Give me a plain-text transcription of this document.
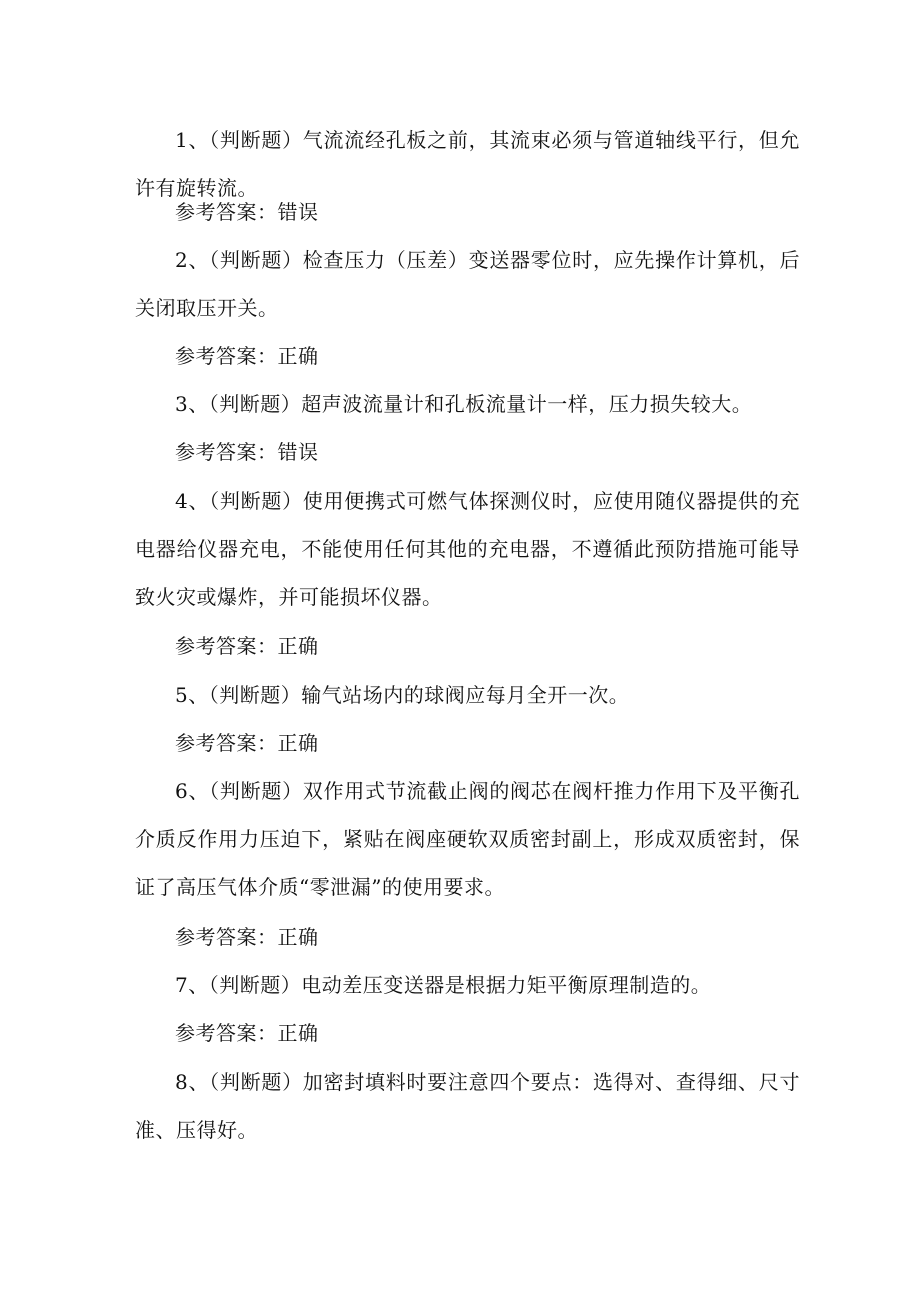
1、（判断题）气流流经孔板之前，其流束必须与管道轴线平行，但允许有旋转流。

参考答案：错误

2、（判断题）检查压力（压差）变送器零位时，应先操作计算机，后关闭取压开关。

参考答案：正确

3、（判断题）超声波流量计和孔板流量计一样，压力损失较大。

参考答案：错误

4、（判断题）使用便携式可燃气体探测仪时，应使用随仪器提供的充电器给仪器充电，不能使用任何其他的充电器，不遵循此预防措施可能导致火灾或爆炸，并可能损坏仪器。

参考答案：正确

5、（判断题）输气站场内的球阀应每月全开一次。

参考答案：正确

6、（判断题）双作用式节流截止阀的阀芯在阀杆推力作用下及平衡孔介质反作用力压迫下，紧贴在阀座硬软双质密封副上，形成双质密封，保证了高压气体介质“零泄漏”的使用要求。

参考答案：正确

7、（判断题）电动差压变送器是根据力矩平衡原理制造的。

参考答案：正确

8、（判断题）加密封填料时要注意四个要点：选得对、查得细、尺寸准、压得好。
